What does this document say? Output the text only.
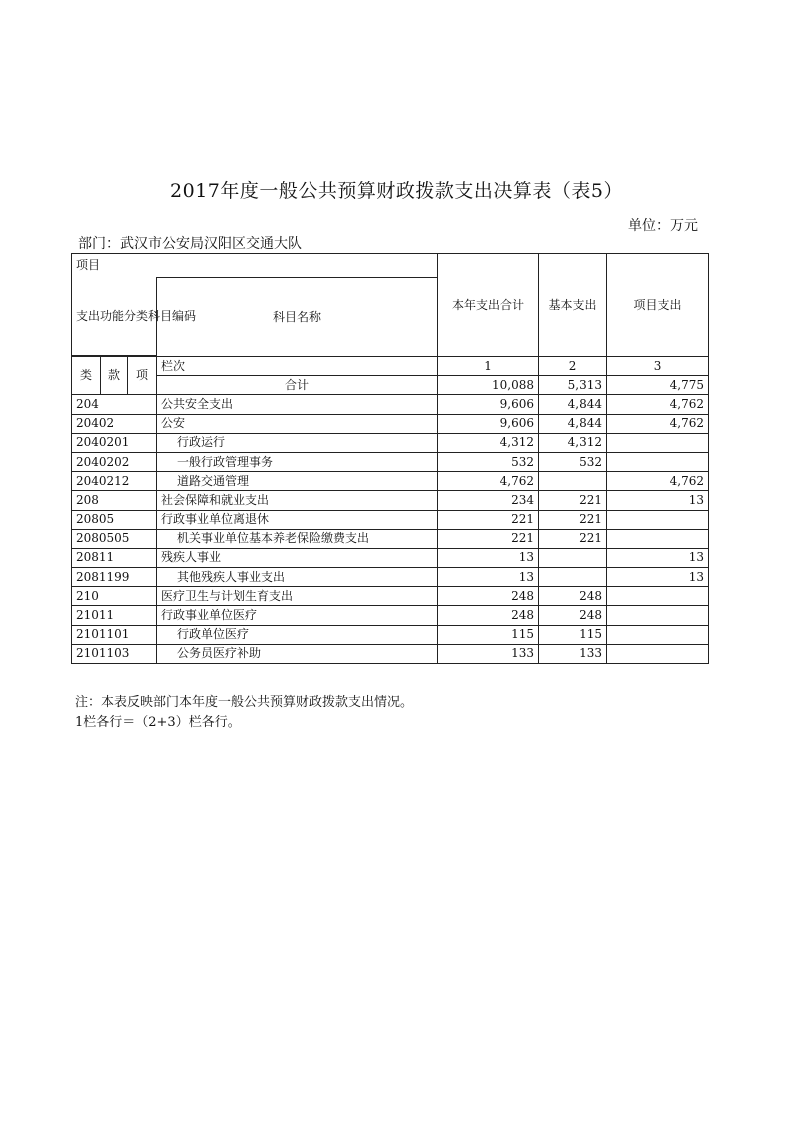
2017年度一般公共预算财政拨款支出决算表（表5）
单位：万元
部门：武汉市公安局汉阳区交通大队
项目				本年支出合计	基本支出	项目支出
支出功能分类科目编码			科目名称			

类	款	项	栏次	1	2	3
			合计	10,088	5,313	4,775
204			公共安全支出	9,606	4,844	4,762
20402			公安	9,606	4,844	4,762
2040201			行政运行	4,312	4,312	
2040202			一般行政管理事务	532	532	
2040212			道路交通管理	4,762		4,762
208			社会保障和就业支出	234	221	13
20805			行政事业单位离退休	221	221	
2080505			机关事业单位基本养老保险缴费支出	221	221	
20811			残疾人事业	13		13
2081199			其他残疾人事业支出	13		13
210			医疗卫生与计划生育支出	248	248	
21011			行政事业单位医疗	248	248	
2101101			行政单位医疗	115	115	
2101103			公务员医疗补助	133	133	
注：本表反映部门本年度一般公共预算财政拨款支出情况。
1栏各行＝（2+3）栏各行。
